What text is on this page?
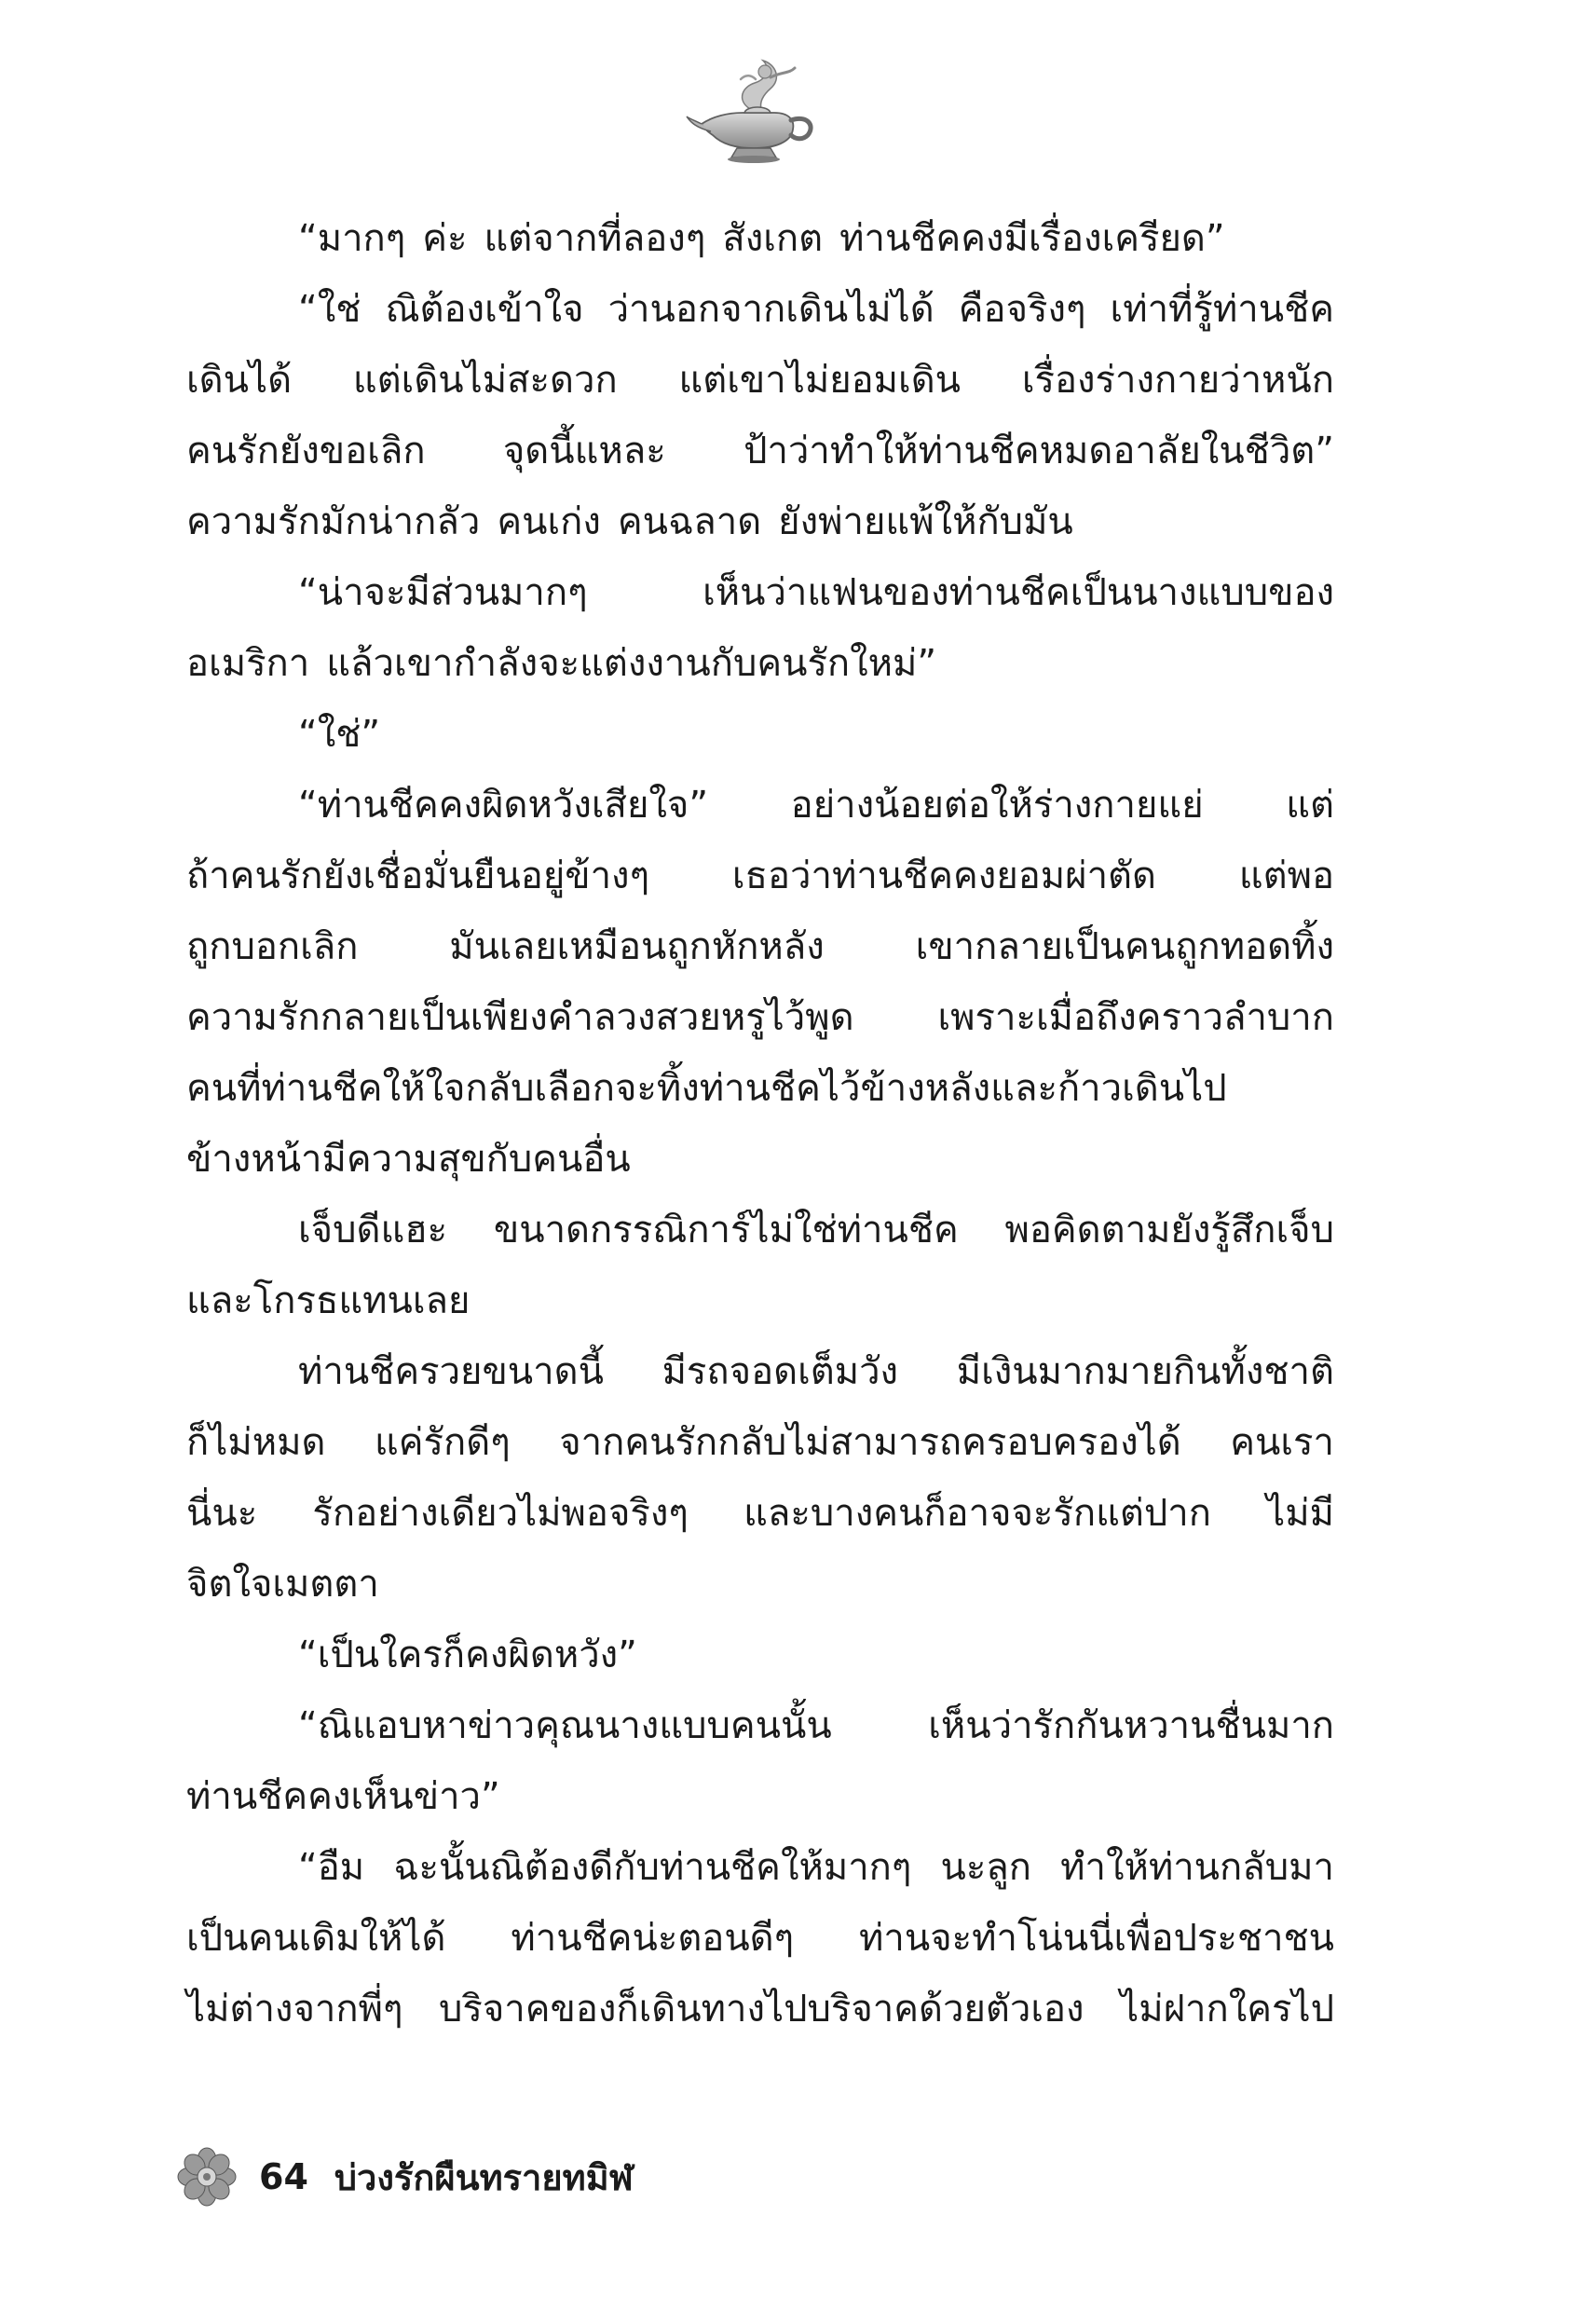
“มากๆ ค่ะ แต่จากที่ลองๆ สังเกต ท่านชีคคงมีเรื่องเครียด”
“ใช่ ณิต้องเข้าใจ ว่านอกจากเดินไม่ได้ คือจริงๆ เท่าที่รู้ท่านชีค
เดินได้ แต่เดินไม่สะดวก แต่เขาไม่ยอมเดิน เรื่องร่างกายว่าหนัก
คนรักยังขอเลิก จุดนี้แหละ ป้าว่าทำให้ท่านชีคหมดอาลัยในชีวิต”
ความรักมักน่ากลัว คนเก่ง คนฉลาด ยังพ่ายแพ้ให้กับมัน
“น่าจะมีส่วนมากๆ	เห็นว่าแฟนของท่านชีคเป็นนางแบบของ
อเมริกา แล้วเขากำลังจะแต่งงานกับคนรักใหม่”
“ใช่”
“ท่านชีคคงผิดหวังเสียใจ” อย่างน้อยต่อให้ร่างกายแย่ แต่
ถ้าคนรักยังเชื่อมั่นยืนอยู่ข้างๆ เธอว่าท่านชีคคงยอมผ่าตัด แต่พอ
ถูกบอกเลิก มันเลยเหมือนถูกหักหลัง เขากลายเป็นคนถูกทอดทิ้ง
ความรักกลายเป็นเพียงคำลวงสวยหรูไว้พูด เพราะเมื่อถึงคราวลำบาก
คนที่ท่านชีคให้ใจกลับเลือกจะทิ้งท่านชีคไว้ข้างหลังและก้าวเดินไป
ข้างหน้ามีความสุขกับคนอื่น
เจ็บดีแฮะ ขนาดกรรณิการ์ไม่ใช่ท่านชีค พอคิดตามยังรู้สึกเจ็บ
และโกรธแทนเลย
ท่านชีครวยขนาดนี้ มีรถจอดเต็มวัง มีเงินมากมายกินทั้งชาติ
ก็ไม่หมด แค่รักดีๆ จากคนรักกลับไม่สามารถครอบครองได้ คนเรา
นี่นะ รักอย่างเดียวไม่พอจริงๆ และบางคนก็อาจจะรักแต่ปาก ไม่มี
จิตใจเมตตา
“เป็นใครก็คงผิดหวัง”
“ณิแอบหาข่าวคุณนางแบบคนนั้น	เห็นว่ารักกันหวานชื่นมาก
ท่านชีคคงเห็นข่าว”
“อืม ฉะนั้นณิต้องดีกับท่านชีคให้มากๆ นะลูก ทำให้ท่านกลับมา
เป็นคนเดิมให้ได้ ท่านชีคน่ะตอนดีๆ ท่านจะทำโน่นนี่เพื่อประชาชน
ไม่ต่างจากพี่ๆ บริจาคของก็เดินทางไปบริจาคด้วยตัวเอง ไม่ฝากใครไป
64 บ่วงรักผืนทรายทมิฬ
